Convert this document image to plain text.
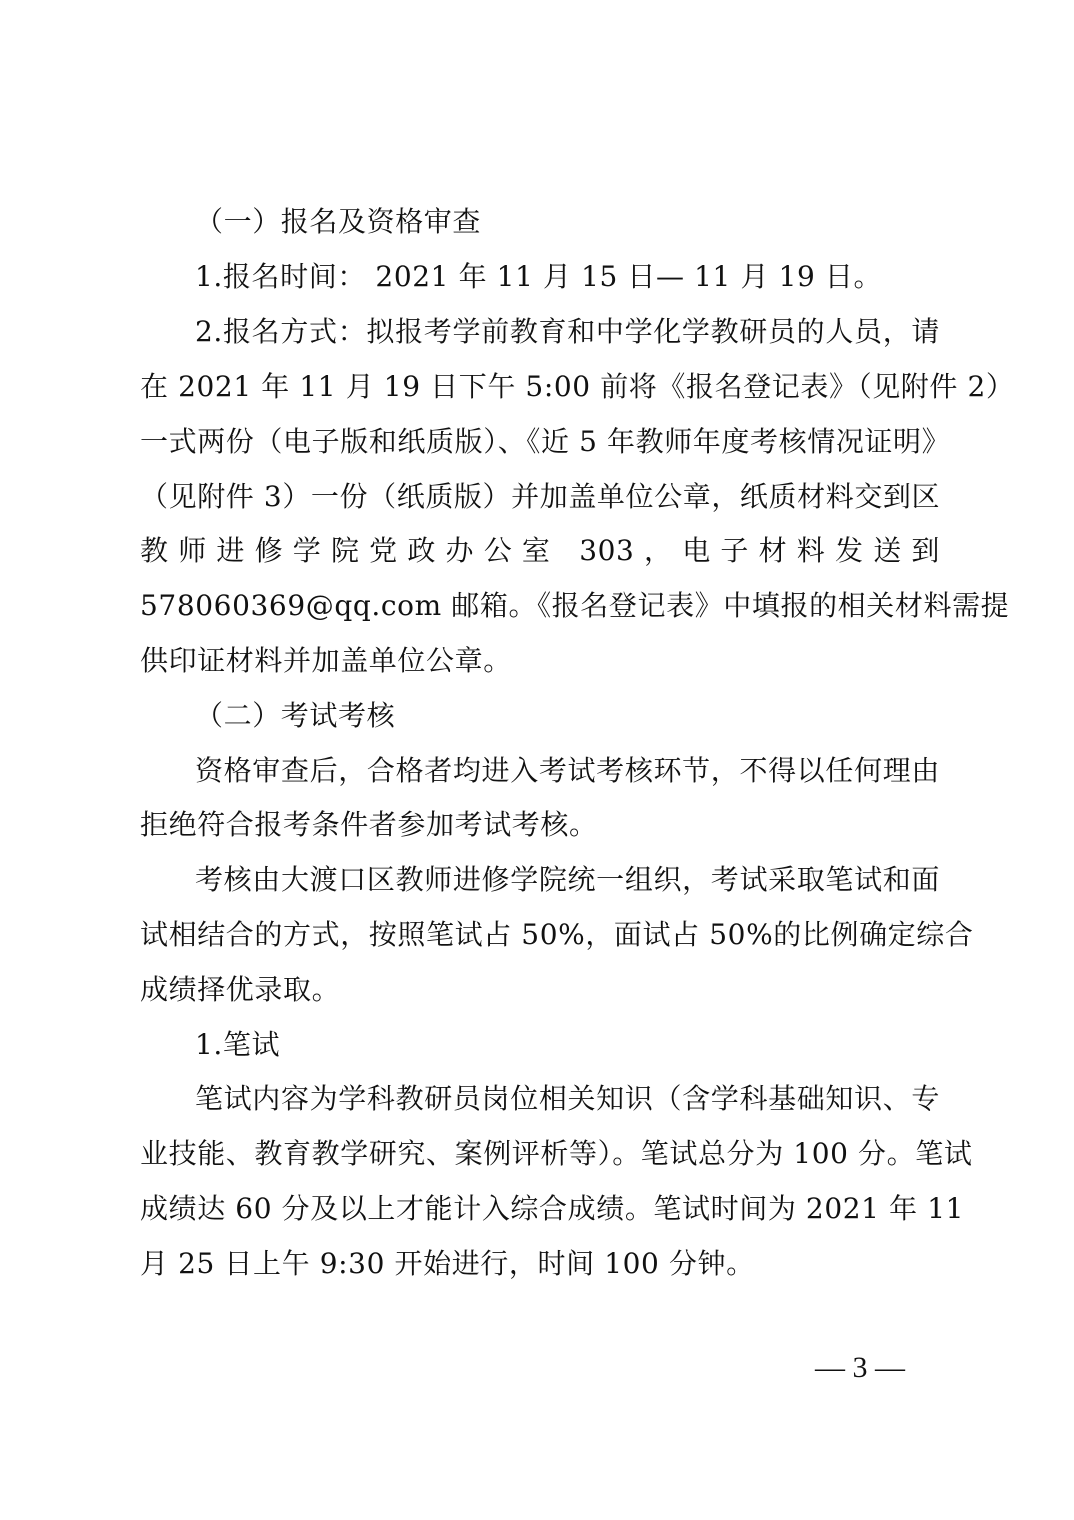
（一）报名及资格审查
1.报名时间： 2021 年 11 月 15 日— 11 月 19 日。
2.报名方式：拟报考学前教育和中学化学教研员的人员，请
在 2021 年 11 月 19 日下午 5:00 前将《报名登记表》（见附件 2）
一式两份（电子版和纸质版）、《近 5 年教师年度考核情况证明》
（见附件 3）一份（纸质版）并加盖单位公章，纸质材料交到区
教师进修学院党政办公室 303，电子材料发送到
578060369@qq.com 邮箱。《报名登记表》中填报的相关材料需提
供印证材料并加盖单位公章。
（二）考试考核
资格审查后，合格者均进入考试考核环节，不得以任何理由
拒绝符合报考条件者参加考试考核。
考核由大渡口区教师进修学院统一组织，考试采取笔试和面
试相结合的方式，按照笔试占 50%，面试占 50%的比例确定综合
成绩择优录取。
1.笔试
笔试内容为学科教研员岗位相关知识（含学科基础知识、专
业技能、教育教学研究、案例评析等）。笔试总分为 100 分。笔试
成绩达 60 分及以上才能计入综合成绩。笔试时间为 2021 年 11
月 25 日上午 9:30 开始进行，时间 100 分钟。
— 3 —
